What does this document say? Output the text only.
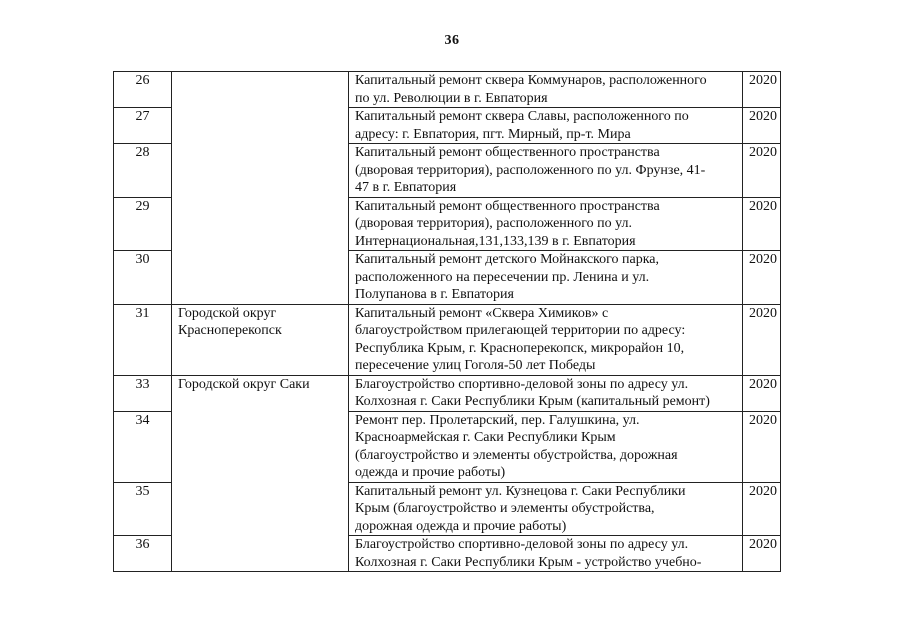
36
26		Капитальный ремонт сквера Коммунаров, расположенного
по ул. Революции в г. Евпатория	2020
27		Капитальный ремонт сквера Славы, расположенного по
адресу: г. Евпатория, пгт. Мирный, пр-т. Мира	2020
28		Капитальный ремонт общественного пространства
(дворовая территория), расположенного по ул. Фрунзе, 41-
47 в г. Евпатория	2020
29		Капитальный ремонт общественного пространства
(дворовая территория), расположенного по ул.
Интернациональная,131,133,139 в г. Евпатория	2020
30		Капитальный ремонт детского Мойнакского парка,
расположенного на пересечении пр. Ленина и ул.
Полупанова в г. Евпатория	2020
31	Городской округ
Красноперекопск	Капитальный ремонт «Сквера Химиков» с
благоустройством прилегающей территории по адресу:
Республика Крым, г. Красноперекопск, микрорайон 10,
пересечение улиц Гоголя-50 лет Победы	2020
33	Городской округ Саки	Благоустройство спортивно-деловой зоны по адресу ул.
Колхозная г. Саки Республики Крым (капитальный ремонт)	2020
34		Ремонт пер. Пролетарский, пер. Галушкина, ул.
Красноармейская г. Саки Республики Крым
(благоустройство и элементы обустройства, дорожная
одежда и прочие работы)	2020
35		Капитальный ремонт ул. Кузнецова г. Саки Республики
Крым (благоустройство и элементы обустройства,
дорожная одежда и прочие работы)	2020
36		Благоустройство спортивно-деловой зоны по адресу ул.
Колхозная г. Саки Республики Крым - устройство учебно-	2020
